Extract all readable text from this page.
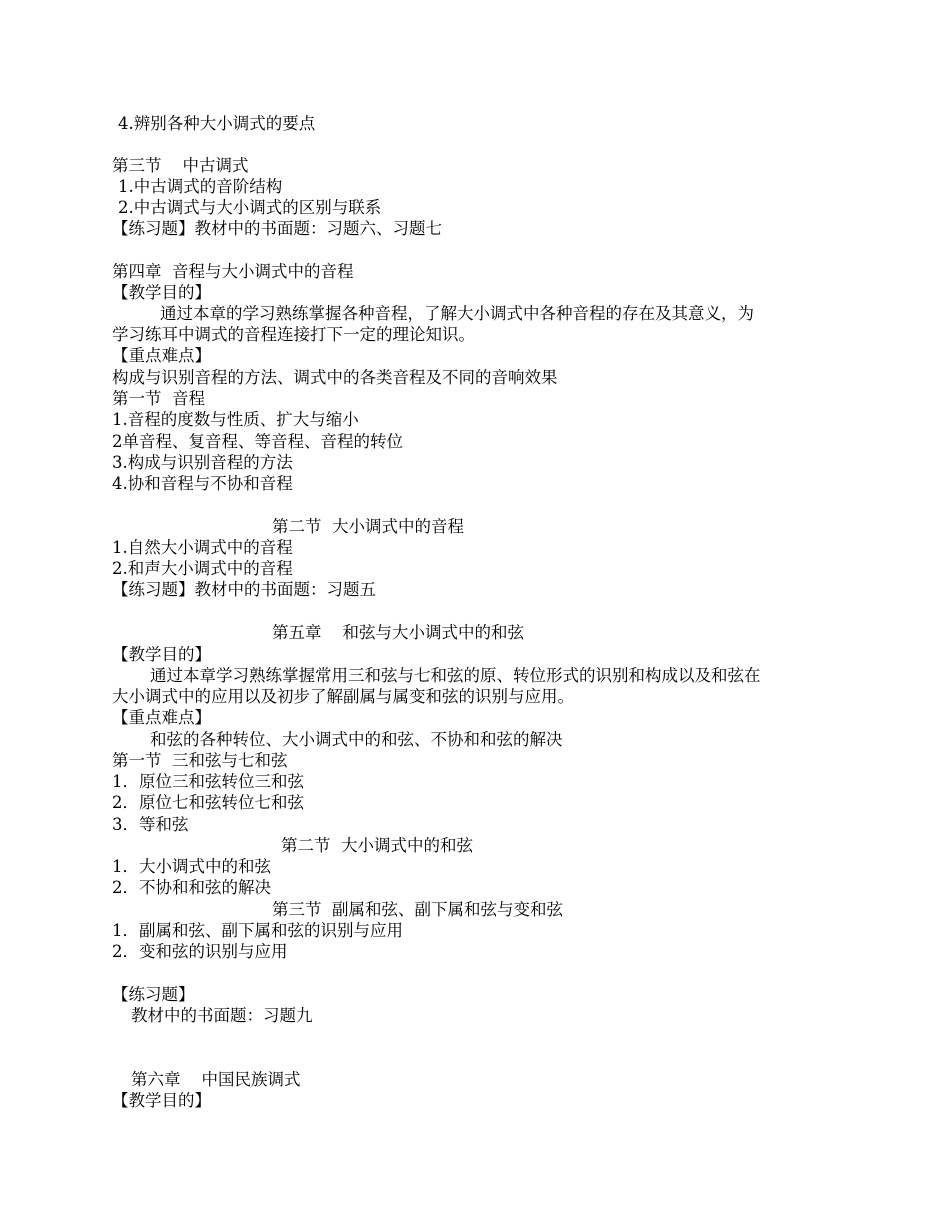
4.辨别各种大小调式的要点
第三节    中古调式
1.中古调式的音阶结构
2.中古调式与大小调式的区别与联系
【练习题】教材中的书面题：习题六、习题七
第四章  音程与大小调式中的音程
【教学目的】
通过本章的学习熟练掌握各种音程，了解大小调式中各种音程的存在及其意义，为
学习练耳中调式的音程连接打下一定的理论知识。
【重点难点】
构成与识别音程的方法、调式中的各类音程及不同的音响效果
第一节  音程
1.音程的度数与性质、扩大与缩小
2单音程、复音程、等音程、音程的转位
3.构成与识别音程的方法
4.协和音程与不协和音程
第二节  大小调式中的音程
1.自然大小调式中的音程
2.和声大小调式中的音程
【练习题】教材中的书面题：习题五
第五章    和弦与大小调式中的和弦
【教学目的】
通过本章学习熟练掌握常用三和弦与七和弦的原、转位形式的识别和构成以及和弦在
大小调式中的应用以及初步了解副属与属变和弦的识别与应用。
【重点难点】
和弦的各种转位、大小调式中的和弦、不协和和弦的解决
第一节  三和弦与七和弦
1．原位三和弦转位三和弦
2．原位七和弦转位七和弦
3．等和弦
第二节  大小调式中的和弦
1．大小调式中的和弦
2．不协和和弦的解决
第三节  副属和弦、副下属和弦与变和弦
1．副属和弦、副下属和弦的识别与应用
2．变和弦的识别与应用
【练习题】
教材中的书面题：习题九
第六章    中国民族调式
【教学目的】
